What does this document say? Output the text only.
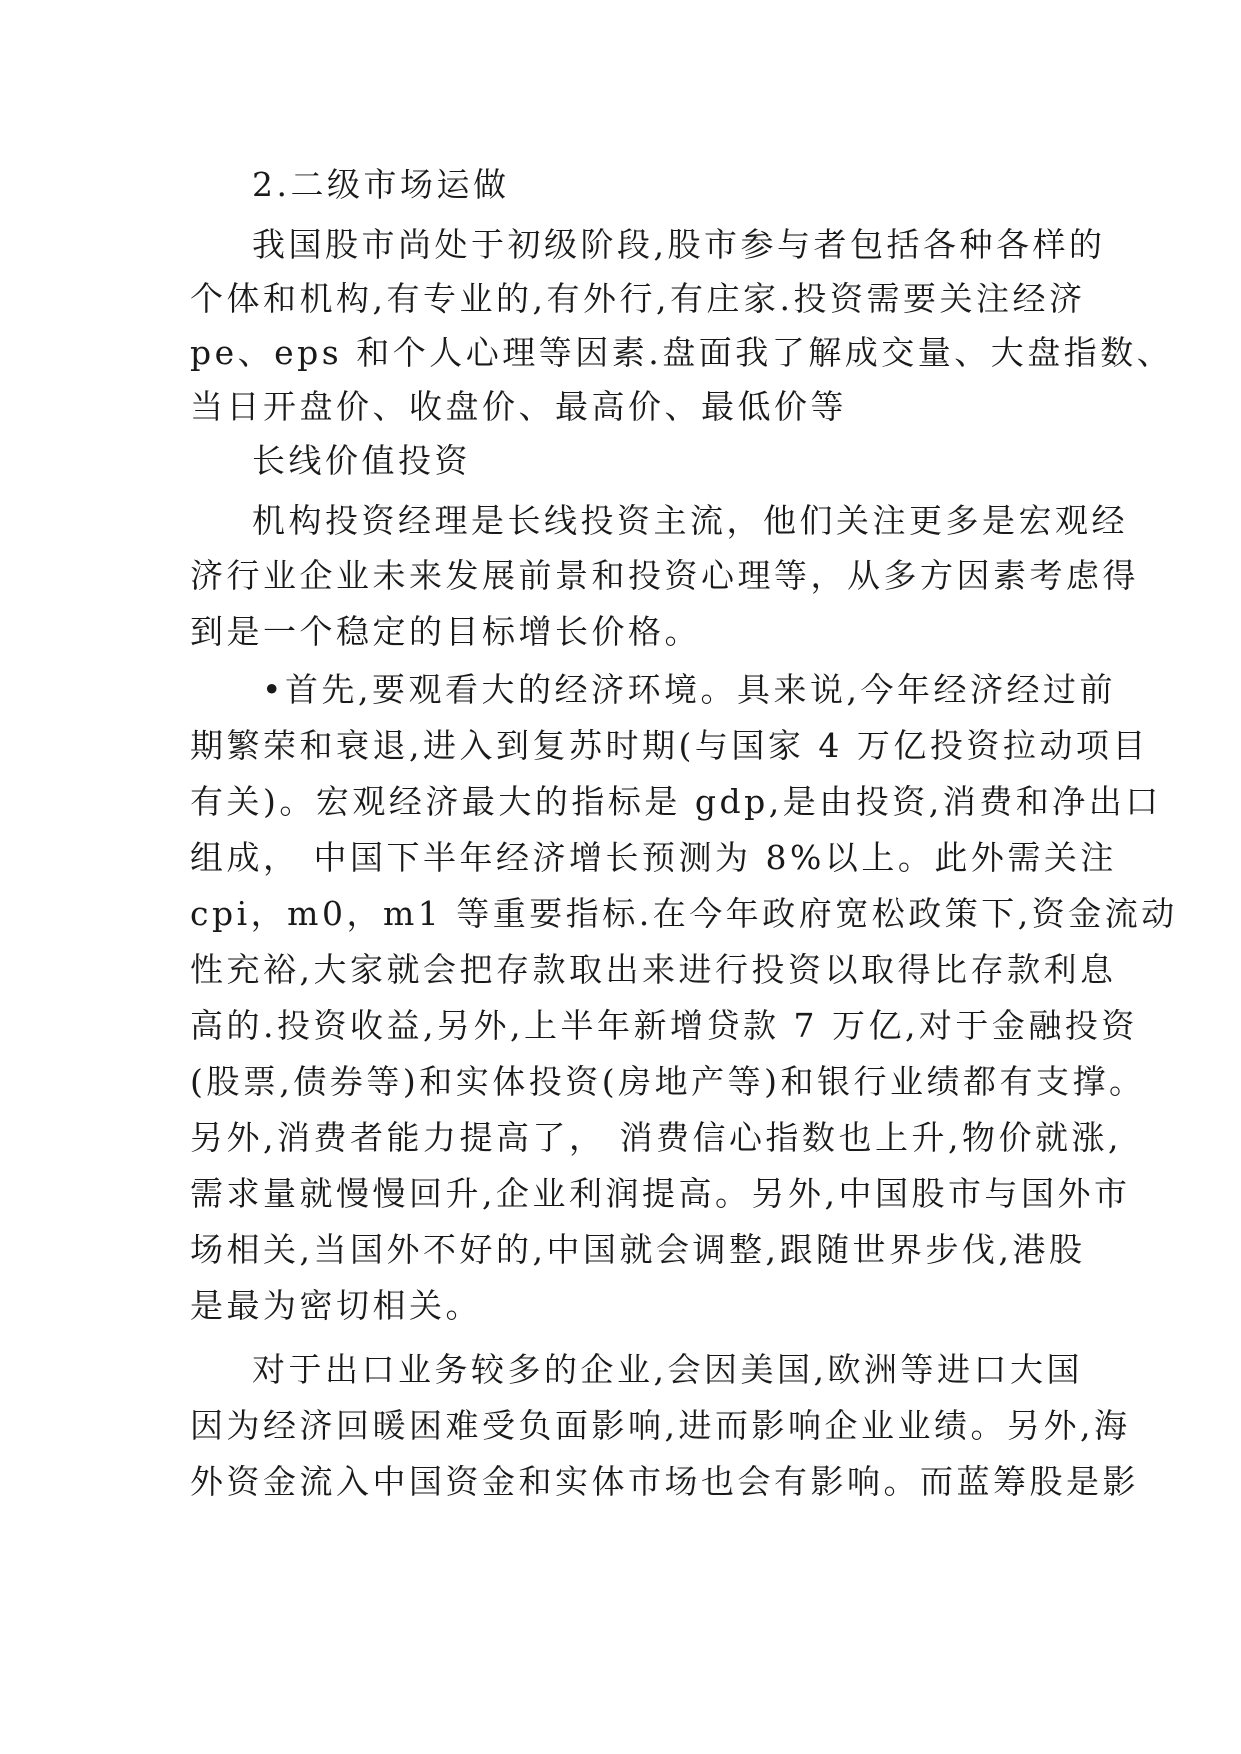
2.二级市场运做
我国股市尚处于初级阶段,股市参与者包括各种各样的
个体和机构,有专业的,有外行,有庄家.投资需要关注经济
pe、eps 和个人心理等因素.盘面我了解成交量、大盘指数、
当日开盘价、收盘价、最高价、最低价等
长线价值投资
机构投资经理是长线投资主流，他们关注更多是宏观经
济行业企业未来发展前景和投资心理等，从多方因素考虑得
到是一个稳定的目标增长价格。
•首先,要观看大的经济环境。具来说,今年经济经过前
期繁荣和衰退,进入到复苏时期(与国家 4 万亿投资拉动项目
有关)。宏观经济最大的指标是 gdp,是由投资,消费和净出口
组成， 中国下半年经济增长预测为 8%以上。此外需关注
cpi，m0，m1 等重要指标.在今年政府宽松政策下,资金流动
性充裕,大家就会把存款取出来进行投资以取得比存款利息
高的.投资收益,另外,上半年新增贷款 7 万亿,对于金融投资
(股票,债券等)和实体投资(房地产等)和银行业绩都有支撑。
另外,消费者能力提高了， 消费信心指数也上升,物价就涨,
需求量就慢慢回升,企业利润提高。另外,中国股市与国外市
场相关,当国外不好的,中国就会调整,跟随世界步伐,港股
是最为密切相关。
对于出口业务较多的企业,会因美国,欧洲等进口大国
因为经济回暖困难受负面影响,进而影响企业业绩。另外,海
外资金流入中国资金和实体市场也会有影响。而蓝筹股是影
